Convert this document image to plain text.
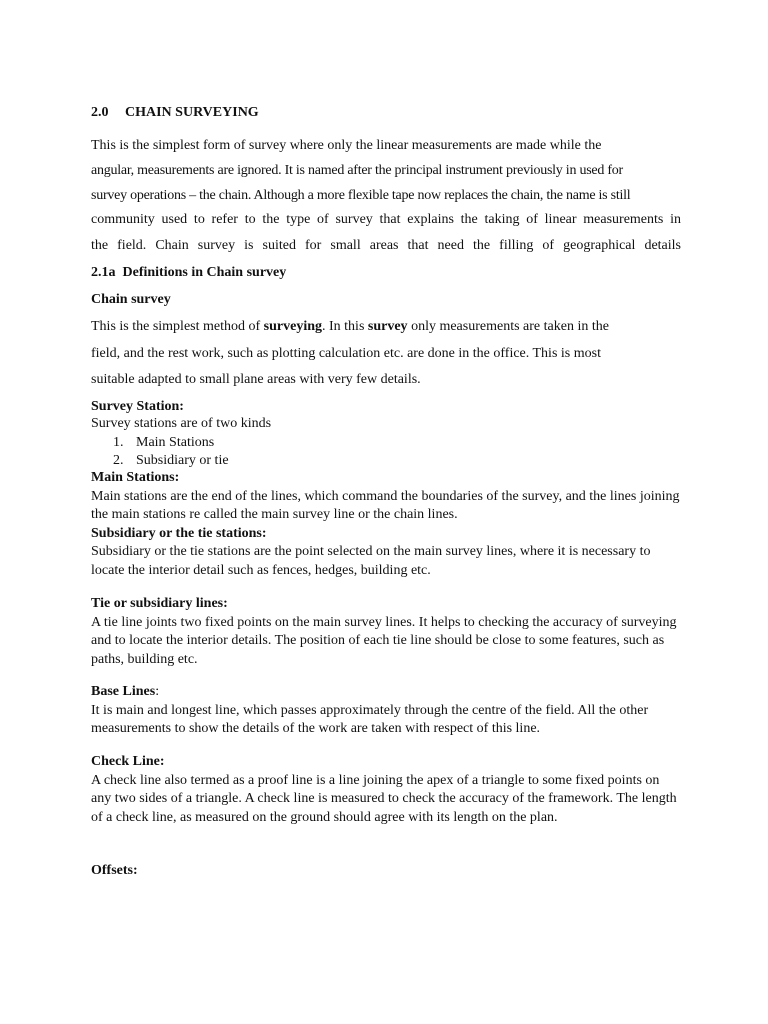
2.0 CHAIN SURVEYING
This is the simplest form of survey where only the linear measurements are made while the
angular, measurements are ignored. It is named after the principal instrument previously in used for
survey operations – the chain. Although a more flexible tape now replaces the chain, the name is still
community used to refer to the type of survey that explains the taking of linear measurements in
the field. Chain survey is suited for small areas that need the filling of geographical details
2.1a Definitions in Chain survey
Chain survey
This is the simplest method of surveying. In this survey only measurements are taken in the
field, and the rest work, such as plotting calculation etc. are done in the office. This is most
suitable adapted to small plane areas with very few details.
Survey Station:
Survey stations are of two kinds
1. Main Stations
2. Subsidiary or tie

Main Stations:

Main stations are the end of the lines, which command the boundaries of the survey, and the lines joining the main stations re called the main survey line or the chain lines.

Subsidiary or the tie stations:

Subsidiary or the tie stations are the point selected on the main survey lines, where it is necessary to locate the interior detail such as fences, hedges, building etc.

Tie or subsidiary lines:

A tie line joints two fixed points on the main survey lines. It helps to checking the accuracy of surveying and to locate the interior details. The position of each tie line should be close to some features, such as paths, building etc.

Base Lines:

It is main and longest line, which passes approximately through the centre of the field. All the other measurements to show the details of the work are taken with respect of this line.

Check Line:

A check line also termed as a proof line is a line joining the apex of a triangle to some fixed points on any two sides of a triangle. A check line is measured to check the accuracy of the framework. The length of a check line, as measured on the ground should agree with its length on the plan.

Offsets:
